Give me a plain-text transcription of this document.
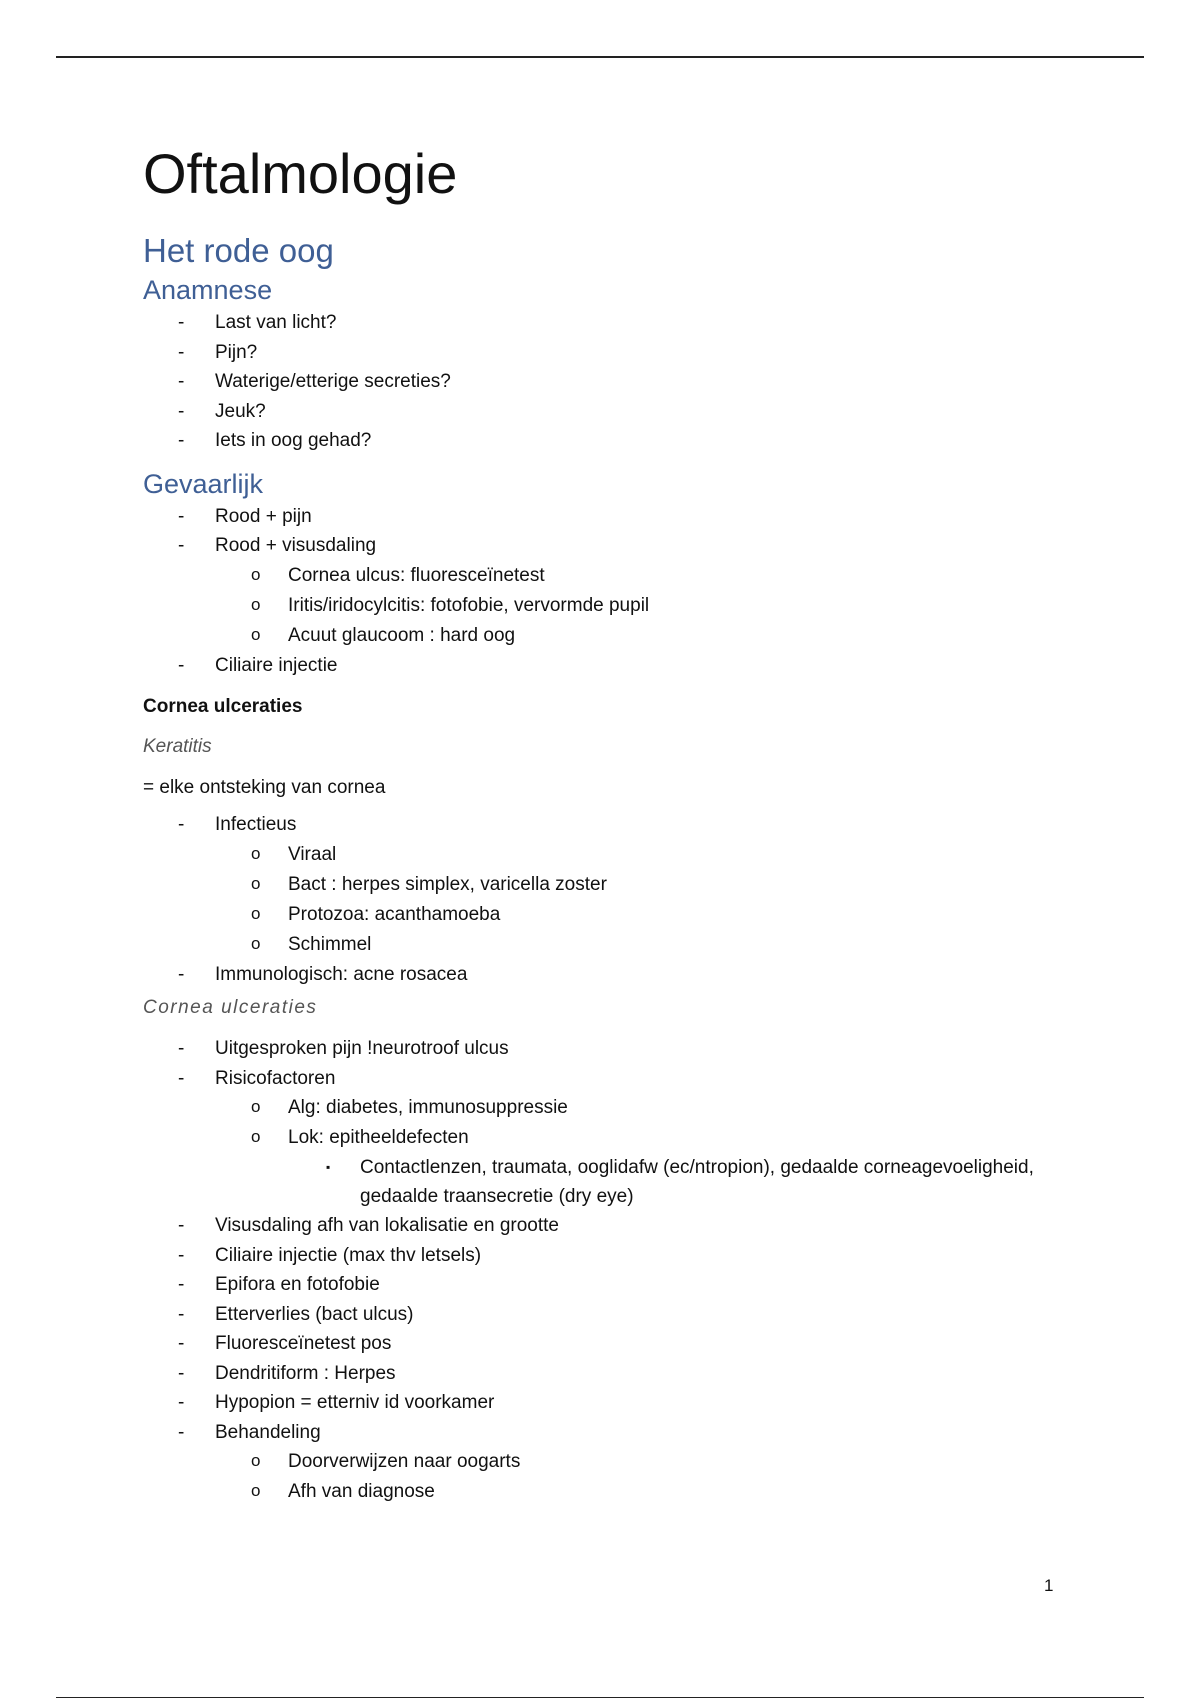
Oftalmologie
Het rode oog
Anamnese
- Last van licht?
- Pijn?
- Waterige/etterige secreties?
- Jeuk?
- Iets in oog gehad?
Gevaarlijk
- Rood + pijn
- Rood + visusdaling
o Cornea ulcus: fluoresceïnetest
o Iritis/iridocylcitis: fotofobie, vervormde pupil
o Acuut glaucoom : hard oog
- Ciliaire injectie
Cornea ulceraties
Keratitis
= elke ontsteking van cornea
- Infectieus
o Viraal
o Bact : herpes simplex, varicella zoster
o Protozoa: acanthamoeba
o Schimmel
- Immunologisch: acne rosacea
Cornea ulceraties
- Uitgesproken pijn !neurotroof ulcus
- Risicofactoren
o Alg: diabetes, immunosuppressie
o Lok: epitheeldefecten
▪ Contactlenzen, traumata, ooglidafw (ec/ntropion), gedaalde corneagevoeligheid, gedaalde traansecretie (dry eye)
- Visusdaling afh van lokalisatie en grootte
- Ciliaire injectie (max thv letsels)
- Epifora en fotofobie
- Etterverlies (bact ulcus)
- Fluoresceïnetest pos
- Dendritiform : Herpes
- Hypopion = etterniv id voorkamer
- Behandeling
o Doorverwijzen naar oogarts
o Afh van diagnose
1
